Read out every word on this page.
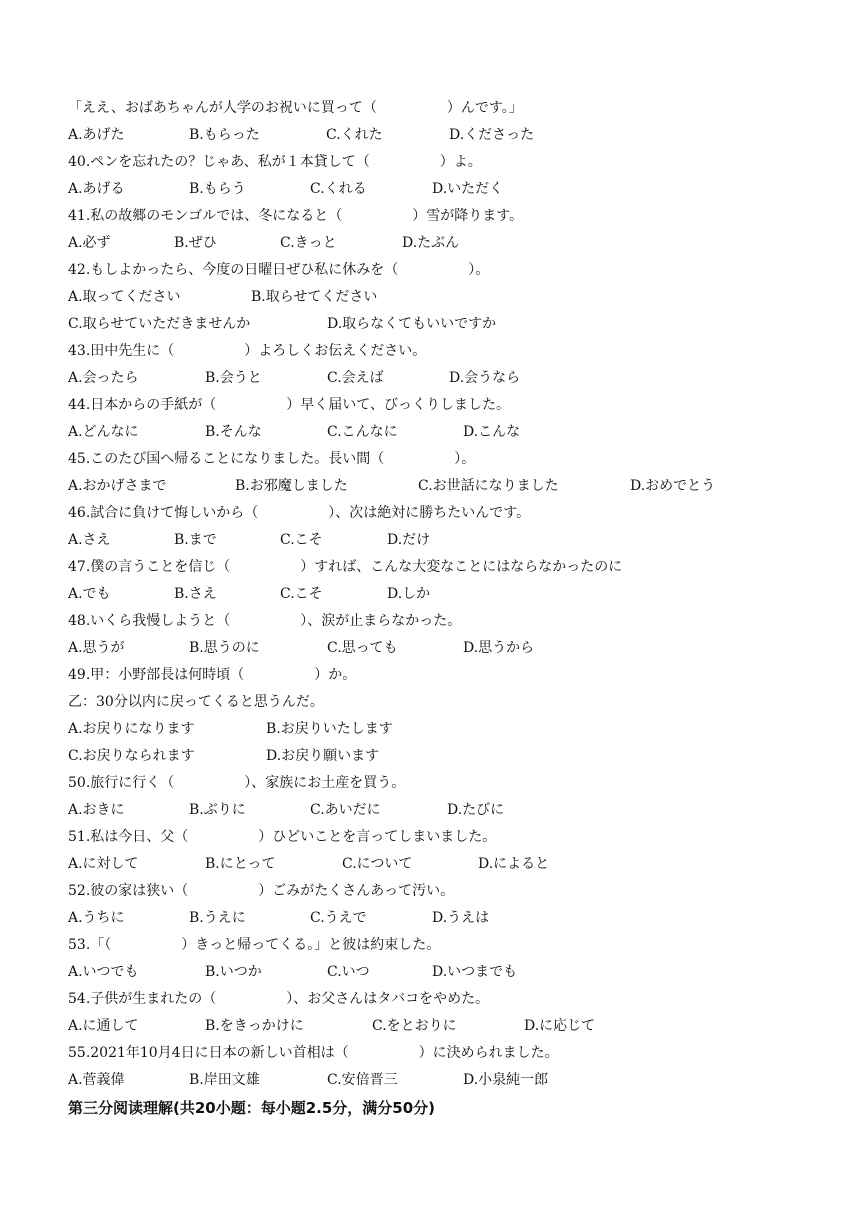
「ええ、おばあちゃんが人学のお祝いに買って（　　　　　）んです。」

A.あげた

	B.もらった

	C.くれた

	D.くださった

40.ペンを忘れたの？じゃあ、私が１本貸して（　　　　　）よ。

A.あげる

	B.もらう

	C.くれる

	D.いただく

41.私の故郷のモンゴルでは、冬になると（　　　　　）雪が降ります。

A.必ず

	B.ぜひ

	C.きっと

	D.たぶん

42.もしよかったら、今度の日曜日ぜひ私に休みを（　　　　　）。

A.取ってください

	B.取らせてください

C.取らせていただきませんか

	D.取らなくてもいいですか

43.田中先生に（　　　　　）よろしくお伝えください。

A.会ったら

	B.会うと

	C.会えば

	D.会うなら

44.日本からの手紙が（　　　　　）早く届いて、びっくりしました。

A.どんなに

	B.そんな

	C.こんなに

	D.こんな

45.このたび国へ帰ることになりました。長い間（　　　　　）。

A.おかげさまで

	B.お邪魔しました

	C.お世話になりました

	D.おめでとう

46.試合に負けて悔しいから（　　　　　）、次は絶対に勝ちたいんです。

A.さえ

	B.まで

	C.こそ

	D.だけ

47.僕の言うことを信じ（　　　　　）すれば、こんな大変なことにはならなかったのに

A.でも

	B.さえ

	C.こそ

	D.しか

48.いくら我慢しようと（　　　　　）、涙が止まらなかった。

A.思うが

	B.思うのに

	C.思っても

	D.思うから

49.甲：小野部長は何時頃（　　　　　）か。
乙：30分以内に戻ってくると思うんだ。

A.お戻りになります

	B.お戻りいたします

C.お戻りなられます

	D.お戻り願います

50.旅行に行く（　　　　　）、家族にお土産を買う。

A.おきに

	B.ぶりに

	C.あいだに

	D.たびに

51.私は今日、父（　　　　　）ひどいことを言ってしまいました。

A.に対して

	B.にとって

	C.について

	D.によると

52.彼の家は狭い（　　　　　）ごみがたくさんあって汚い。

A.うちに

	B.うえに

	C.うえで

	D.うえは

53.「（　　　　　）きっと帰ってくる。」と彼は約束した。

A.いつでも

	B.いつか

	C.いつ

	D.いつまでも

54.子供が生まれたの（　　　　　）、お父さんはタバコをやめた。

A.に通して

	B.をきっかけに

	C.をとおりに

	D.に応じて

55.2021年10月4日に日本の新しい首相は（　　　　　）に決められました。

A.菅義偉

	B.岸田文雄

	C.安倍晋三

	D.小泉純一郎

第三分阅读理解(共20小题：每小题2.5分，满分50分)
